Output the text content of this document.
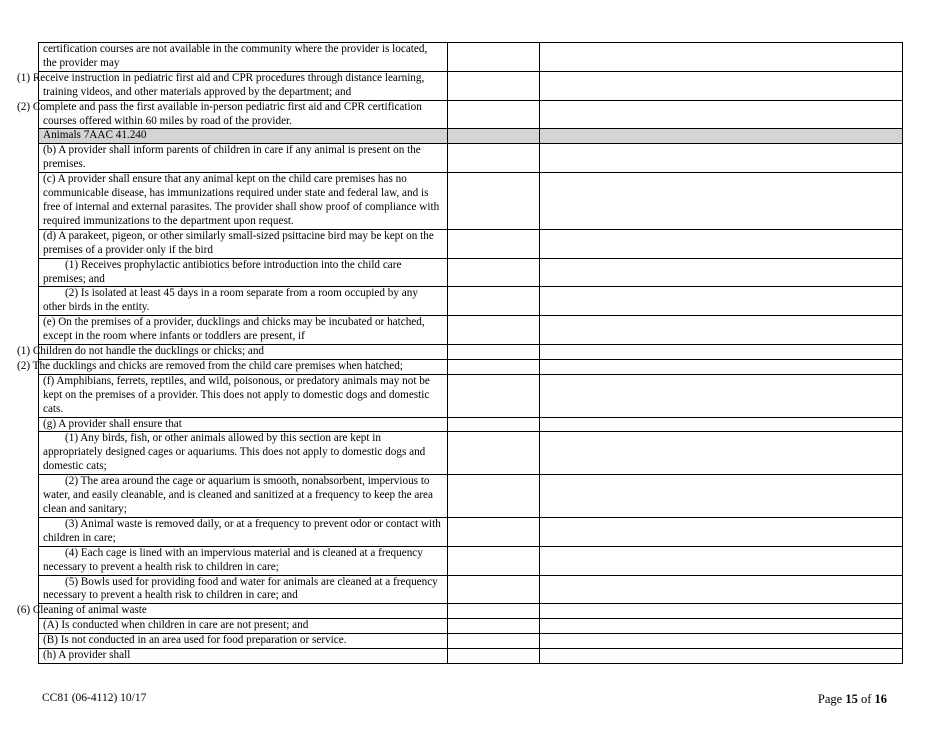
certification courses are not available in the community where the provider is located, the provider may		
(1) Receive instruction in pediatric first aid and CPR procedures through distance learning, training videos, and other materials approved by the department; and		
(2) Complete and pass the first available in-person pediatric first aid and CPR certification courses offered within 60 miles by road of the provider.		
Animals 7AAC 41.240		
(b) A provider shall inform parents of children in care if any animal is present on the premises.		
(c) A provider shall ensure that any animal kept on the child care premises has no communicable disease, has immunizations required under state and federal law, and is free of internal and external parasites. The provider shall show proof of compliance with required immunizations to the department upon request.		
(d) A parakeet, pigeon, or other similarly small-sized psittacine bird may be kept on the premises of a provider only if the bird		
(1) Receives prophylactic antibiotics before introduction into the child care premises; and		
(2) Is isolated at least 45 days in a room separate from a room occupied by any other birds in the entity.		
(e) On the premises of a provider, ducklings and chicks may be incubated or hatched, except in the room where infants or toddlers are present, if		
(1) Children do not handle the ducklings or chicks; and		
(2) The ducklings and chicks are removed from the child care premises when hatched;		
(f) Amphibians, ferrets, reptiles, and wild, poisonous, or predatory animals may not be kept on the premises of a provider. This does not apply to domestic dogs and domestic cats.		
(g) A provider shall ensure that		
(1) Any birds, fish, or other animals allowed by this section are kept in appropriately designed cages or aquariums. This does not apply to domestic dogs and domestic cats;		
(2) The area around the cage or aquarium is smooth, nonabsorbent, impervious to water, and easily cleanable, and is cleaned and sanitized at a frequency to keep the area clean and sanitary;		
(3) Animal waste is removed daily, or at a frequency to prevent odor or contact with children in care;		
(4) Each cage is lined with an impervious material and is cleaned at a frequency necessary to prevent a health risk to children in care;		
(5) Bowls used for providing food and water for animals are cleaned at a frequency necessary to prevent a health risk to children in care; and		
(6) Cleaning of animal waste		
(A) Is conducted when children in care are not present; and		
(B) Is not conducted in an area used for food preparation or service.		
(h) A provider shall		
CC81 (06-4112) 10/17	Page 15 of 16
